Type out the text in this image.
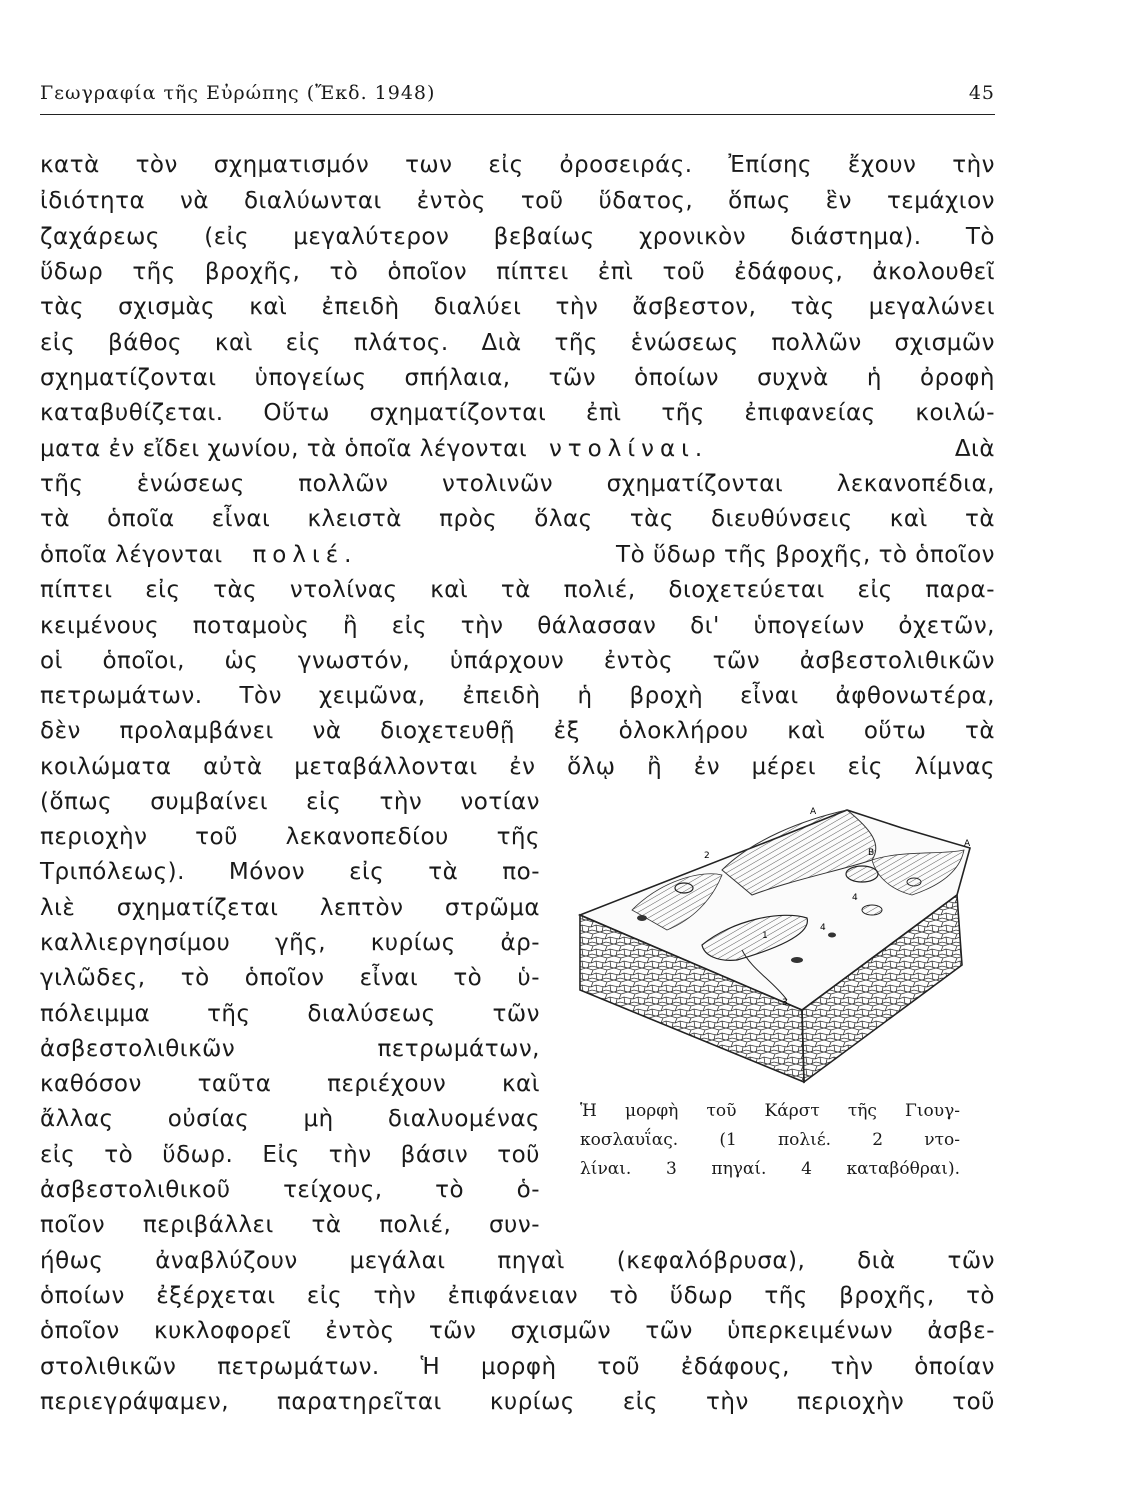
Γεωγραφία τῆς Εὐρώπης (Ἔκδ. 1948)	45
κατὰ τὸν σχηματισμόν των εἰς ὀροσειράς. Ἐπίσης ἔχουν τὴν
ἰδιότητα νὰ διαλύωνται ἐντὸς τοῦ ὕδατος, ὅπως ἓν τεμάχιον
ζαχάρεως (εἰς μεγαλύτερον βεβαίως χρονικὸν διάστημα). Τὸ
ὕδωρ τῆς βροχῆς, τὸ ὁποῖον πίπτει ἐπὶ τοῦ ἐδάφους, ἀκολουθεῖ
τὰς σχισμὰς καὶ ἐπειδὴ διαλύει τὴν ἄσβεστον, τὰς μεγαλώνει
εἰς βάθος καὶ εἰς πλάτος. Διὰ τῆς ἑνώσεως πολλῶν σχισμῶν
σχηματίζονται ὑπογείως σπήλαια, τῶν ὁποίων συχνὰ ἡ ὀροφὴ
καταβυθίζεται. Οὕτω σχηματίζονται ἐπὶ τῆς ἐπιφανείας κοιλώ-
ματα ἐν εἴδει χωνίου, τὰ ὁποῖα λέγονται ντολίναι.	Διὰ
τῆς ἑνώσεως πολλῶν ντολινῶν σχηματίζονται λεκανοπέδια,
τὰ ὁποῖα εἶναι κλειστὰ πρὸς ὅλας τὰς διευθύνσεις καὶ τὰ
ὁποῖα λέγονται πολιέ.	Τὸ ὕδωρ τῆς βροχῆς, τὸ ὁποῖον
πίπτει εἰς τὰς ντολίνας καὶ τὰ πολιέ, διοχετεύεται εἰς παρα-
κειμένους ποταμοὺς ἢ εἰς τὴν θάλασσαν δι' ὑπογείων ὀχετῶν,
οἱ ὁποῖοι, ὡς γνωστόν, ὑπάρχουν ἐντὸς τῶν ἀσβεστολιθικῶν
πετρωμάτων. Τὸν χειμῶνα, ἐπειδὴ ἡ βροχὴ εἶναι ἀφθονωτέρα,
δὲν προλαμβάνει νὰ διοχετευθῇ ἐξ ὁλοκλήρου καὶ οὕτω τὰ
κοιλώματα αὐτὰ μεταβάλλονται ἐν ὅλῳ ἢ ἐν μέρει εἰς λίμνας
(ὅπως συμβαίνει εἰς τὴν νοτίαν
περιοχὴν τοῦ λεκανοπεδίου τῆς
Τριπόλεως). Μόνον εἰς τὰ πο-
λιὲ σχηματίζεται λεπτὸν στρῶμα
καλλιεργησίμου γῆς, κυρίως ἀρ-
γιλῶδες, τὸ ὁποῖον εἶναι τὸ ὑ-
πόλειμμα τῆς διαλύσεως τῶν
ἀσβεστολιθικῶν πετρωμάτων,
καθόσον ταῦτα περιέχουν καὶ
ἄλλας οὐσίας μὴ διαλυομένας
εἰς τὸ ὕδωρ. Εἰς τὴν βάσιν τοῦ
ἀσβεστολιθικοῦ τείχους, τὸ ὁ-
ποῖον περιβάλλει τὰ πολιέ, συν-
ήθως ἀναβλύζουν μεγάλαι πηγαὶ (κεφαλόβρυσα), διὰ τῶν
ὁποίων ἐξέρχεται εἰς τὴν ἐπιφάνειαν τὸ ὕδωρ τῆς βροχῆς, τὸ
ὁποῖον κυκλοφορεῖ ἐντὸς τῶν σχισμῶν τῶν ὑπερκειμένων ἀσβε-
στολιθικῶν πετρωμάτων. Ἡ μορφὴ τοῦ ἐδάφους, τὴν ὁποίαν
περιεγράψαμεν, παρατηρεῖται κυρίως εἰς τὴν περιοχὴν τοῦ
A
2	B
A
4
4
1
3
Ἡ μορφὴ τοῦ Κάρστ τῆς Γιουγ-
κοσλαυΐας. (1 πολιέ. 2 ντο-
λίναι. 3 πηγαί. 4 καταβόθραι).
